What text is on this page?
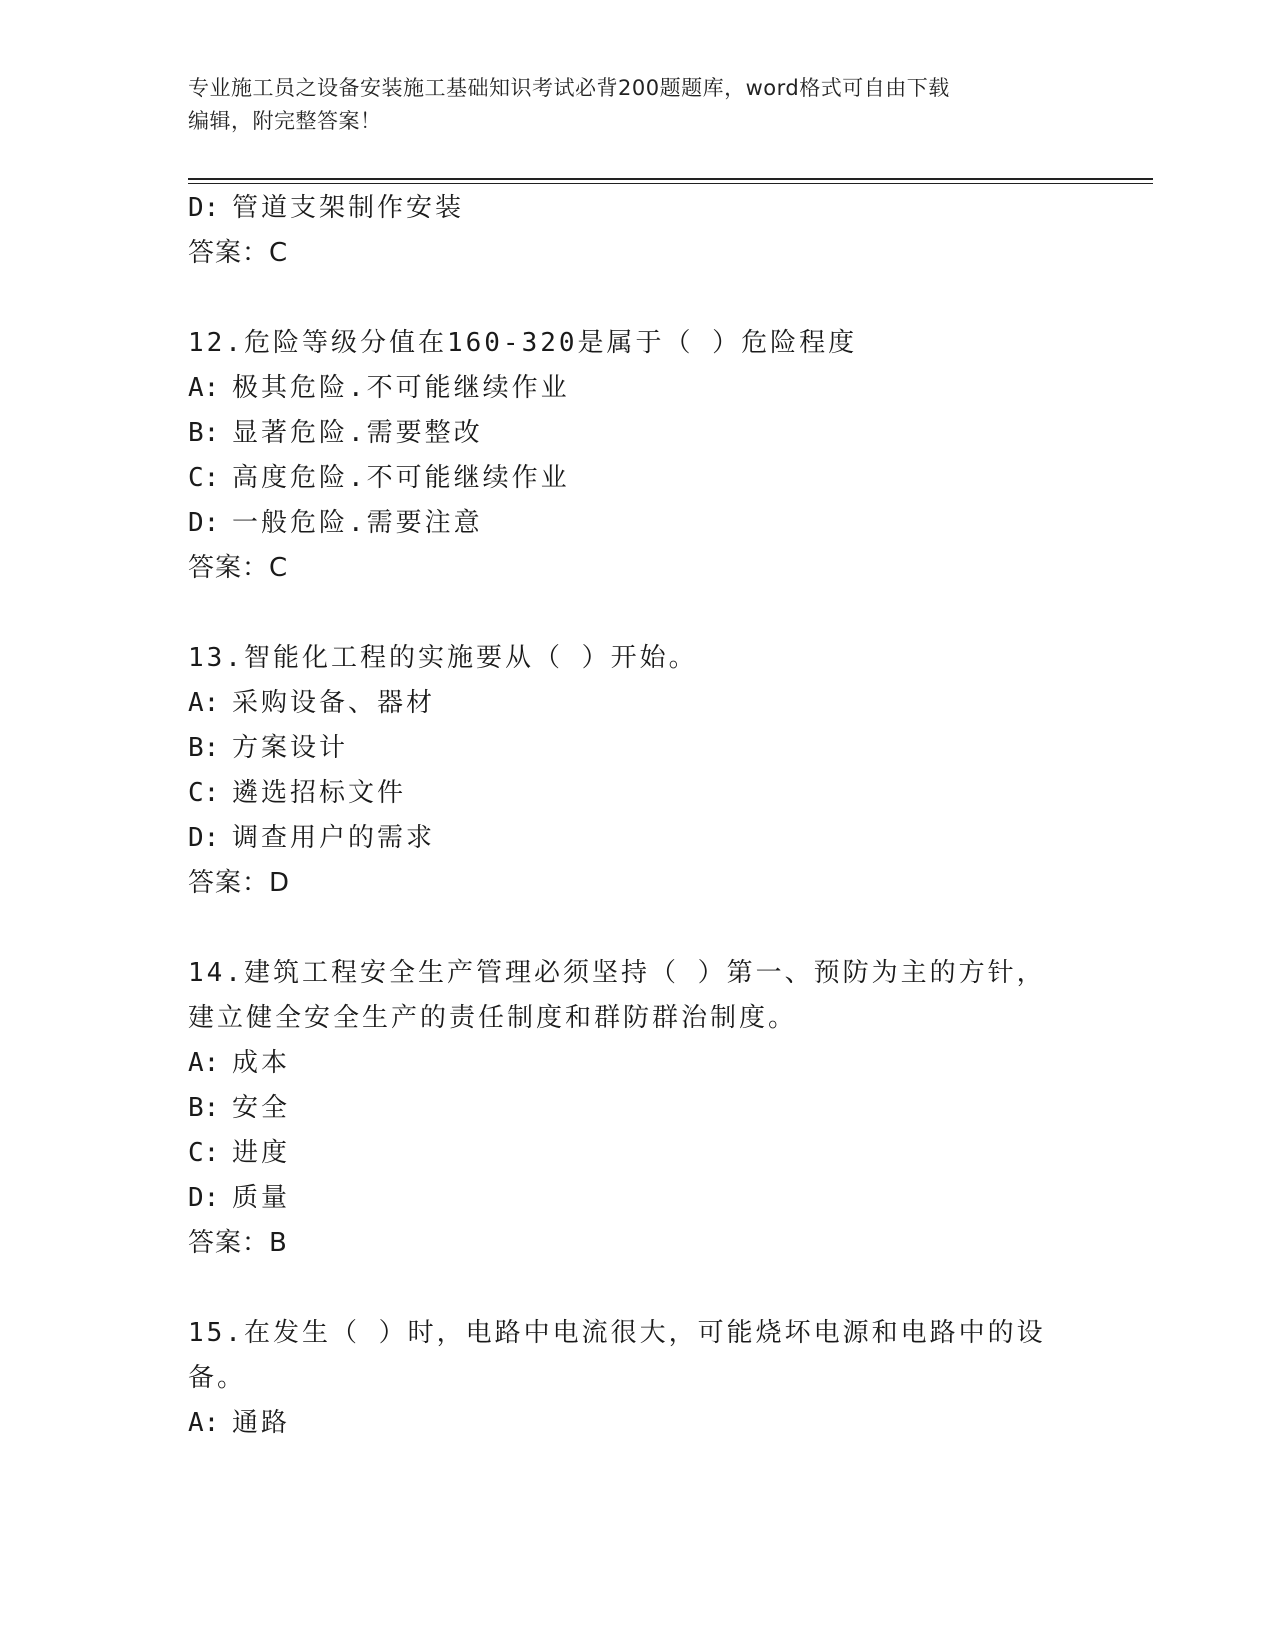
专业施工员之设备安装施工基础知识考试必背200题题库，word格式可自由下载
编辑，附完整答案！
D: 管道支架制作安装
答案：C
12.危险等级分值在160-320是属于（ ）危险程度
A: 极其危险.不可能继续作业
B: 显著危险.需要整改
C: 高度危险.不可能继续作业
D: 一般危险.需要注意
答案：C
13.智能化工程的实施要从（ ）开始。
A: 采购设备、器材
B: 方案设计
C: 遴选招标文件
D: 调查用户的需求
答案：D
14.建筑工程安全生产管理必须坚持（ ）第一、预防为主的方针，建立健全安全生产的责任制度和群防群治制度。
A: 成本
B: 安全
C: 进度
D: 质量
答案：B
15.在发生（ ）时，电路中电流很大，可能烧坏电源和电路中的设备。
A: 通路
